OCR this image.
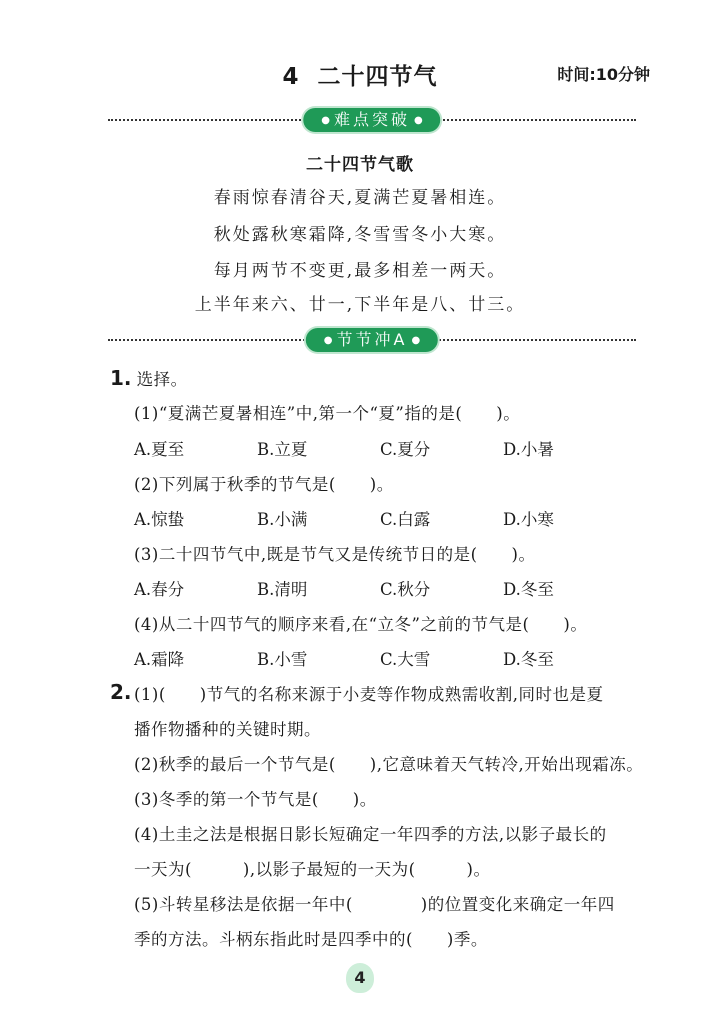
4 二十四节气	时间:10分钟
● 难点突破 ●
二十四节气歌
春雨惊春清谷天,夏满芒夏暑相连。
秋处露秋寒霜降,冬雪雪冬小大寒。
每月两节不变更,最多相差一两天。
上半年来六、廿一,下半年是八、廿三。
● 节节冲A ●
1. 选择。
(1)“夏满芒夏暑相连”中,第一个“夏”指的是(　　)。
A.夏至	B.立夏	C.夏分	D.小暑
(2)下列属于秋季的节气是(　　)。
A.惊蛰	B.小满	C.白露	D.小寒
(3)二十四节气中,既是节气又是传统节日的是(　　)。
A.春分	B.清明	C.秋分	D.冬至
(4)从二十四节气的顺序来看,在“立冬”之前的节气是(　　)。
A.霜降	B.小雪	C.大雪	D.冬至
2. (1)(　　)节气的名称来源于小麦等作物成熟需收割,同时也是夏
播作物播种的关键时期。
(2)秋季的最后一个节气是(　　),它意味着天气转冷,开始出现霜冻。
(3)冬季的第一个节气是(　　)。
(4)土圭之法是根据日影长短确定一年四季的方法,以影子最长的
一天为(　　　),以影子最短的一天为(　　　)。
(5)斗转星移法是依据一年中(　　　　)的位置变化来确定一年四
季的方法。斗柄东指此时是四季中的(　　)季。
4
